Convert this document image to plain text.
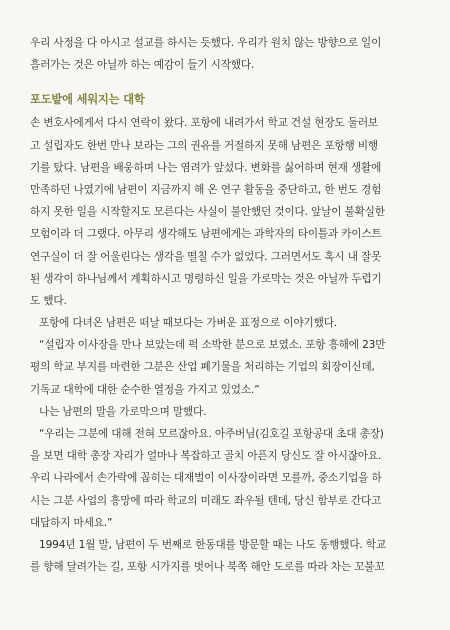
우리 사정을 다 아시고 설교를 하시는 듯했다. 우리가 원치 않는 방향으로 일이
흘러가는 것은 아닐까 하는 예감이 들기 시작했다.
포도밭에 세워지는 대학
손 변호사에게서 다시 연락이 왔다. 포항에 내려가서 학교 건설 현장도 둘러보
고 설립자도 한번 만나 보라는 그의 권유를 거절하지 못해 남편은 포항행 비행
기를 탔다. 남편을 배웅하며 나는 염려가 앞섰다. 변화를 싫어하며 현재 생활에
만족하던 나였기에 남편이 지금까지 해 온 연구 활동을 중단하고, 한 번도 경험
하지 못한 일을 시작할지도 모른다는 사실이 불안했던 것이다. 앞날이 불확실한
모험이라 더 그랬다. 아무리 생각해도 남편에게는 과학자의 타이틀과 카이스트
연구실이 더 잘 어울린다는 생각을 떨칠 수가 없었다. 그러면서도 혹시 내 잘못
된 생각이 하나님께서 계획하시고 명령하신 일을 가로막는 것은 아닐까 두렵기
도 했다.
포항에 다녀온 남편은 떠날 때보다는 가벼운 표정으로 이야기했다.
“설립자 이사장을 만나 보았는데 퍽 소박한 분으로 보였소. 포항 흥해에 23만
평의 학교 부지를 마련한 그분은 산업 폐기물을 처리하는 기업의 회장이신데,
기독교 대학에 대한 순수한 열정을 가지고 있었소.”
나는 남편의 말을 가로막으며 말했다.
“우리는 그분에 대해 전혀 모르잖아요. 아주버님(김호길 포항공대 초대 총장)
을 보면 대학 총장 자리가 얼마나 복잡하고 골치 아픈지 당신도 잘 아시잖아요.
우리 나라에서 손가락에 꼽히는 대재벌이 이사장이라면 모를까, 중소기업을 하
시는 그분 사업의 흥망에 따라 학교의 미래도 좌우될 텐데, 당신 함부로 간다고
대답하지 마세요.”
1994년 1월 말, 남편이 두 번째로 한동대를 방문할 때는 나도 동행했다. 학교
를 향해 달려가는 길, 포항 시가지를 벗어나 북쪽 해안 도로를 따라 차는 꼬불꼬
